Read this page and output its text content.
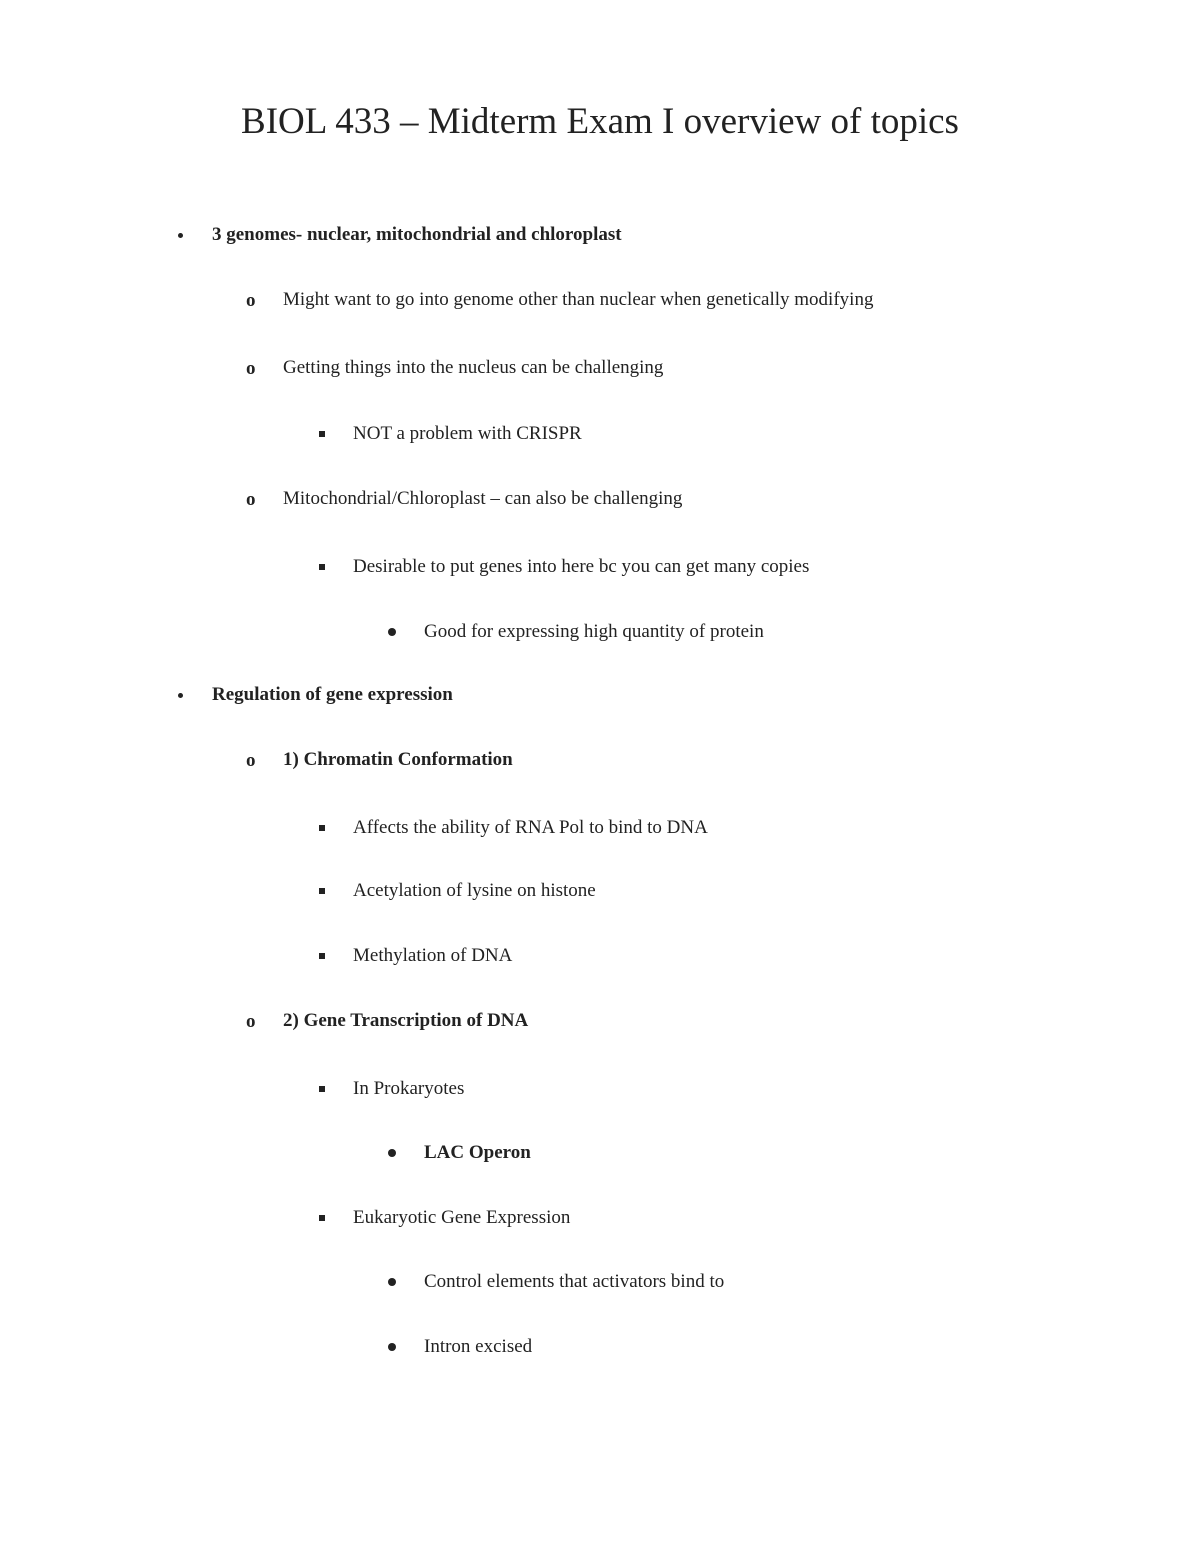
BIOL 433 – Midterm Exam I overview of topics
3 genomes- nuclear, mitochondrial and chloroplast
o Might want to go into genome other than nuclear when genetically modifying
o Getting things into the nucleus can be challenging
NOT a problem with CRISPR
o Mitochondrial/Chloroplast – can also be challenging
Desirable to put genes into here bc you can get many copies
Good for expressing high quantity of protein
Regulation of gene expression
o 1) Chromatin Conformation
Affects the ability of RNA Pol to bind to DNA
Acetylation of lysine on histone
Methylation of DNA
o 2) Gene Transcription of DNA
In Prokaryotes
LAC Operon
Eukaryotic Gene Expression
Control elements that activators bind to
Intron excised
